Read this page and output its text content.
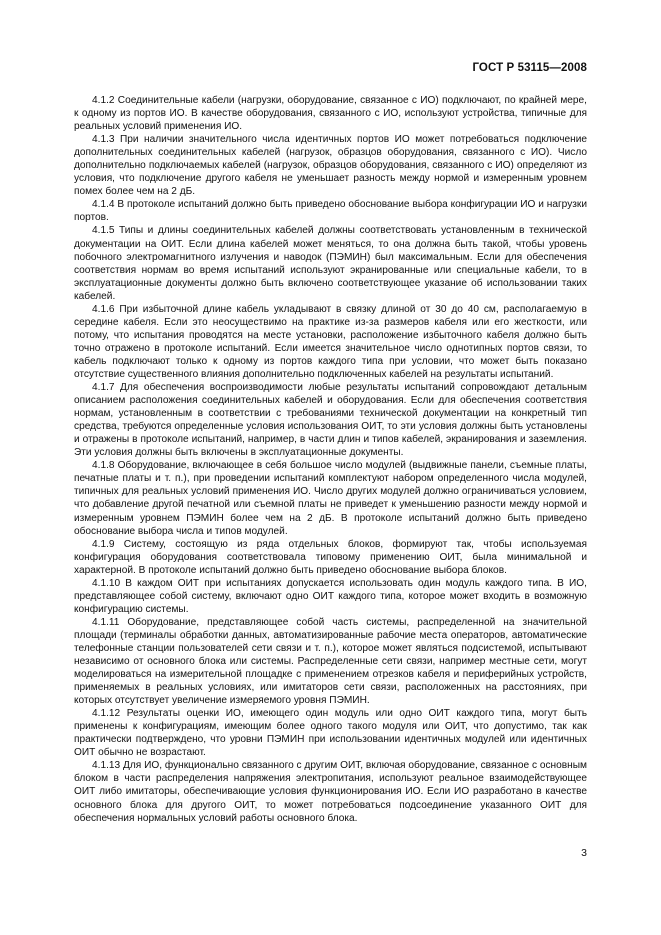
ГОСТ Р 53115—2008

4.1.2 Соединительные кабели (нагрузки, оборудование, связанное с ИО) подключают, по крайней мере, к одному из портов ИО. В качестве оборудования, связанного с ИО, используют устройства, типичные для реальных условий применения ИО.

4.1.3 При наличии значительного числа идентичных портов ИО может потребоваться подключение дополнительных соединительных кабелей (нагрузок, образцов оборудования, связанного с ИО). Число дополнительно подключаемых кабелей (нагрузок, образцов оборудования, связанного с ИО) определяют из условия, что подключение другого кабеля не уменьшает разность между нормой и измеренным уровнем помех более чем на 2 дБ.

4.1.4 В протоколе испытаний должно быть приведено обоснование выбора конфигурации ИО и нагрузки портов.

4.1.5 Типы и длины соединительных кабелей должны соответствовать установленным в технической документации на ОИТ. Если длина кабелей может меняться, то она должна быть такой, чтобы уровень побочного электромагнитного излучения и наводок (ПЭМИН) был максимальным. Если для обеспечения соответствия нормам во время испытаний используют экранированные или специальные кабели, то в эксплуатационные документы должно быть включено соответствующее указание об использовании таких кабелей.

4.1.6 При избыточной длине кабель укладывают в связку длиной от 30 до 40 см, располагаемую в середине кабеля. Если это неосуществимо на практике из-за размеров кабеля или его жесткости, или потому, что испытания проводятся на месте установки, расположение избыточного кабеля должно быть точно отражено в протоколе испытаний. Если имеется значительное число однотипных портов связи, то кабель подключают только к одному из портов каждого типа при условии, что может быть показано отсутствие существенного влияния дополнительно подключенных кабелей на результаты испытаний.

4.1.7 Для обеспечения воспроизводимости любые результаты испытаний сопровождают детальным описанием расположения соединительных кабелей и оборудования. Если для обеспечения соответствия нормам, установленным в соответствии с требованиями технической документации на конкретный тип средства, требуются определенные условия использования ОИТ, то эти условия должны быть установлены и отражены в протоколе испытаний, например, в части длин и типов кабелей, экранирования и заземления. Эти условия должны быть включены в эксплуатационные документы.

4.1.8 Оборудование, включающее в себя большое число модулей (выдвижные панели, съемные платы, печатные платы и т. п.), при проведении испытаний комплектуют набором определенного числа модулей, типичных для реальных условий применения ИО. Число других модулей должно ограничиваться условием, что добавление другой печатной или съемной платы не приведет к уменьшению разности между нормой и измеренным уровнем ПЭМИН более чем на 2 дБ. В протоколе испытаний должно быть приведено обоснование выбора числа и типов модулей.

4.1.9 Систему, состоящую из ряда отдельных блоков, формируют так, чтобы используемая конфигурация оборудования соответствовала типовому применению ОИТ, была минимальной и характерной. В протоколе испытаний должно быть приведено обоснование выбора блоков.

4.1.10 В каждом ОИТ при испытаниях допускается использовать один модуль каждого типа. В ИО, представляющее собой систему, включают одно ОИТ каждого типа, которое может входить в возможную конфигурацию системы.

4.1.11 Оборудование, представляющее собой часть системы, распределенной на значительной площади (терминалы обработки данных, автоматизированные рабочие места операторов, автоматические телефонные станции пользователей сети связи и т. п.), которое может являться подсистемой, испытывают независимо от основного блока или системы. Распределенные сети связи, например местные сети, могут моделироваться на измерительной площадке с применением отрезков кабеля и периферийных устройств, применяемых в реальных условиях, или имитаторов сети связи, расположенных на расстояниях, при которых отсутствует увеличение измеряемого уровня ПЭМИН.

4.1.12 Результаты оценки ИО, имеющего один модуль или одно ОИТ каждого типа, могут быть применены к конфигурациям, имеющим более одного такого модуля или ОИТ, что допустимо, так как практически подтверждено, что уровни ПЭМИН при использовании идентичных модулей или идентичных ОИТ обычно не возрастают.

4.1.13 Для ИО, функционально связанного с другим ОИТ, включая оборудование, связанное с основным блоком в части распределения напряжения электропитания, используют реальное взаимодействующее ОИТ либо имитаторы, обеспечивающие условия функционирования ИО. Если ИО разработано в качестве основного блока для другого ОИТ, то может потребоваться подсоединение указанного ОИТ для обеспечения нормальных условий работы основного блока.

3
